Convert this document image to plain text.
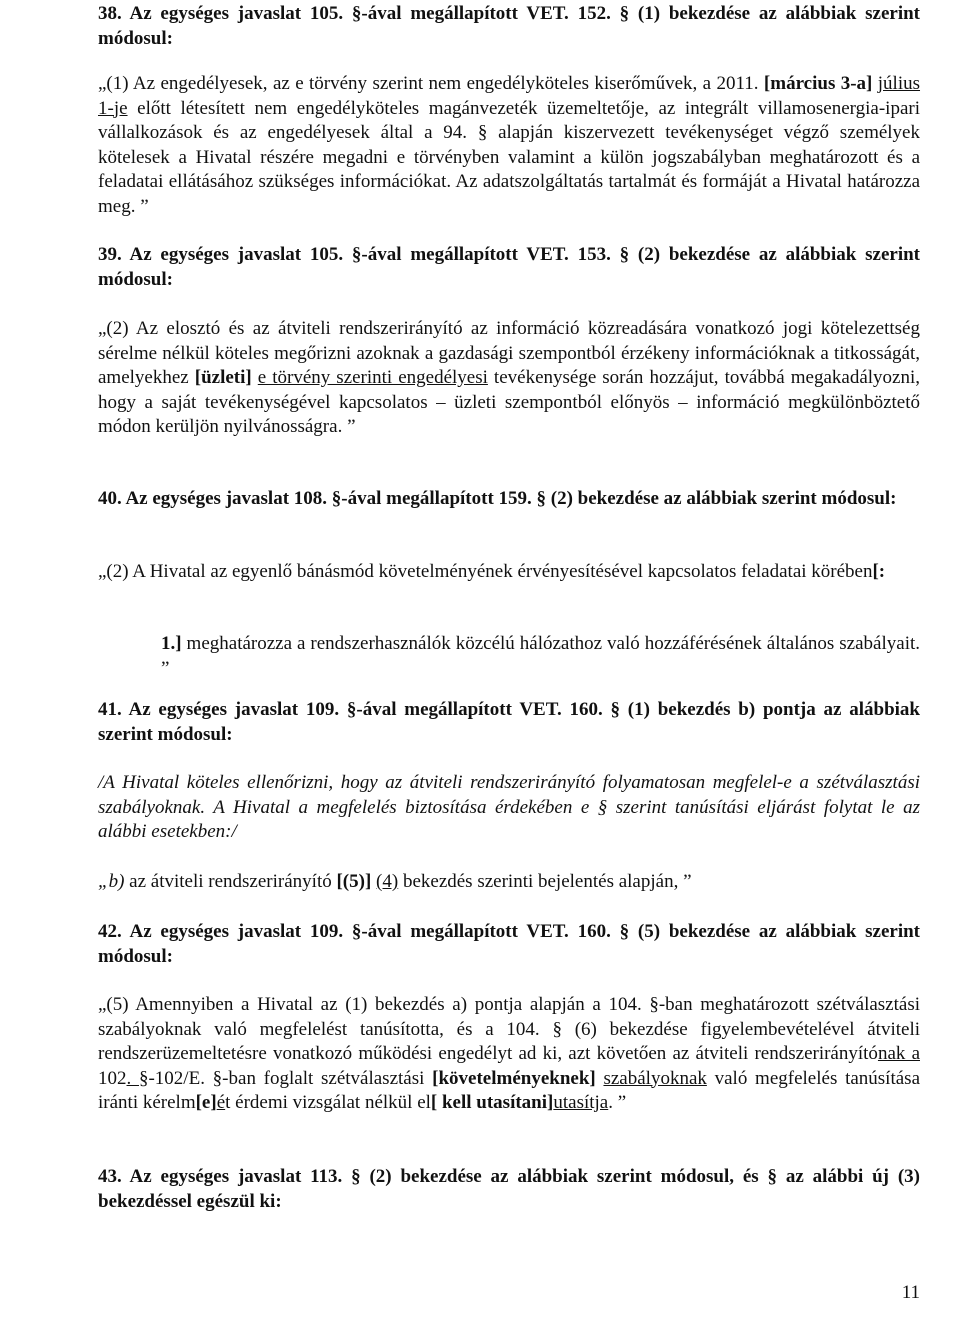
38. Az egységes javaslat 105. §-ával megállapított VET. 152. § (1) bekezdése az alábbiak szerint módosul:
„(1) Az engedélyesek, az e törvény szerint nem engedélyköteles kiserőművek, a 2011. [március 3-a] július 1-je előtt létesített nem engedélyköteles magánvezeték üzemeltetője, az integrált villamosenergia-ipari vállalkozások és az engedélyesek által a 94. § alapján kiszervezett tevékenységet végző személyek kötelesek a Hivatal részére megadni e törvényben valamint a külön jogszabályban meghatározott és a feladatai ellátásához szükséges információkat. Az adatszolgáltatás tartalmát és formáját a Hivatal határozza meg. ”
39. Az egységes javaslat 105. §-ával megállapított VET. 153. § (2) bekezdése az alábbiak szerint módosul:
„(2) Az elosztó és az átviteli rendszerirányító az információ közreadására vonatkozó jogi kötelezettség sérelme nélkül köteles megőrizni azoknak a gazdasági szempontból érzékeny információknak a titkosságát, amelyekhez [üzleti] e törvény szerinti engedélyesi tevékenysége során hozzájut, továbbá megakadályozni, hogy a saját tevékenységével kapcsolatos – üzleti szempontból előnyös – információ megkülönböztető módon kerüljön nyilvánosságra. ”
40. Az egységes javaslat 108. §-ával megállapított 159. § (2) bekezdése az alábbiak szerint módosul:
„(2) A Hivatal az egyenlő bánásmód követelményének érvényesítésével kapcsolatos feladatai körében[:
1.] meghatározza a rendszerhasználók közcélú hálózathoz való hozzáférésének általános szabályait. ”
41. Az egységes javaslat 109. §-ával megállapított VET. 160. § (1) bekezdés b) pontja az alábbiak szerint módosul:
/A Hivatal köteles ellenőrizni, hogy az átviteli rendszerirányító folyamatosan megfelel-e a szétválasztási szabályoknak. A Hivatal a megfelelés biztosítása érdekében e § szerint tanúsítási eljárást folytat le az alábbi esetekben:/
„b) az átviteli rendszerirányító [(5)] (4) bekezdés szerinti bejelentés alapján, ”
42. Az egységes javaslat 109. §-ával megállapított VET. 160. § (5) bekezdése az alábbiak szerint módosul:
„(5) Amennyiben a Hivatal az (1) bekezdés a) pontja alapján a 104. §-ban meghatározott szétválasztási szabályoknak való megfelelést tanúsította, és a 104. § (6) bekezdése figyelembevételével átviteli rendszerüzemeltetésre vonatkozó működési engedélyt ad ki, azt követően az átviteli rendszerirányítónak a 102. §-102/E. §-ban foglalt szétválasztási [követelményeknek] szabályoknak való megfelelés tanúsítása iránti kérelm[e]ét érdemi vizsgálat nélkül el[ kell utasítani]utasítja. ”
43. Az egységes javaslat 113. § (2) bekezdése az alábbiak szerint módosul, és § az alábbi új (3) bekezdéssel egészül ki:
11
